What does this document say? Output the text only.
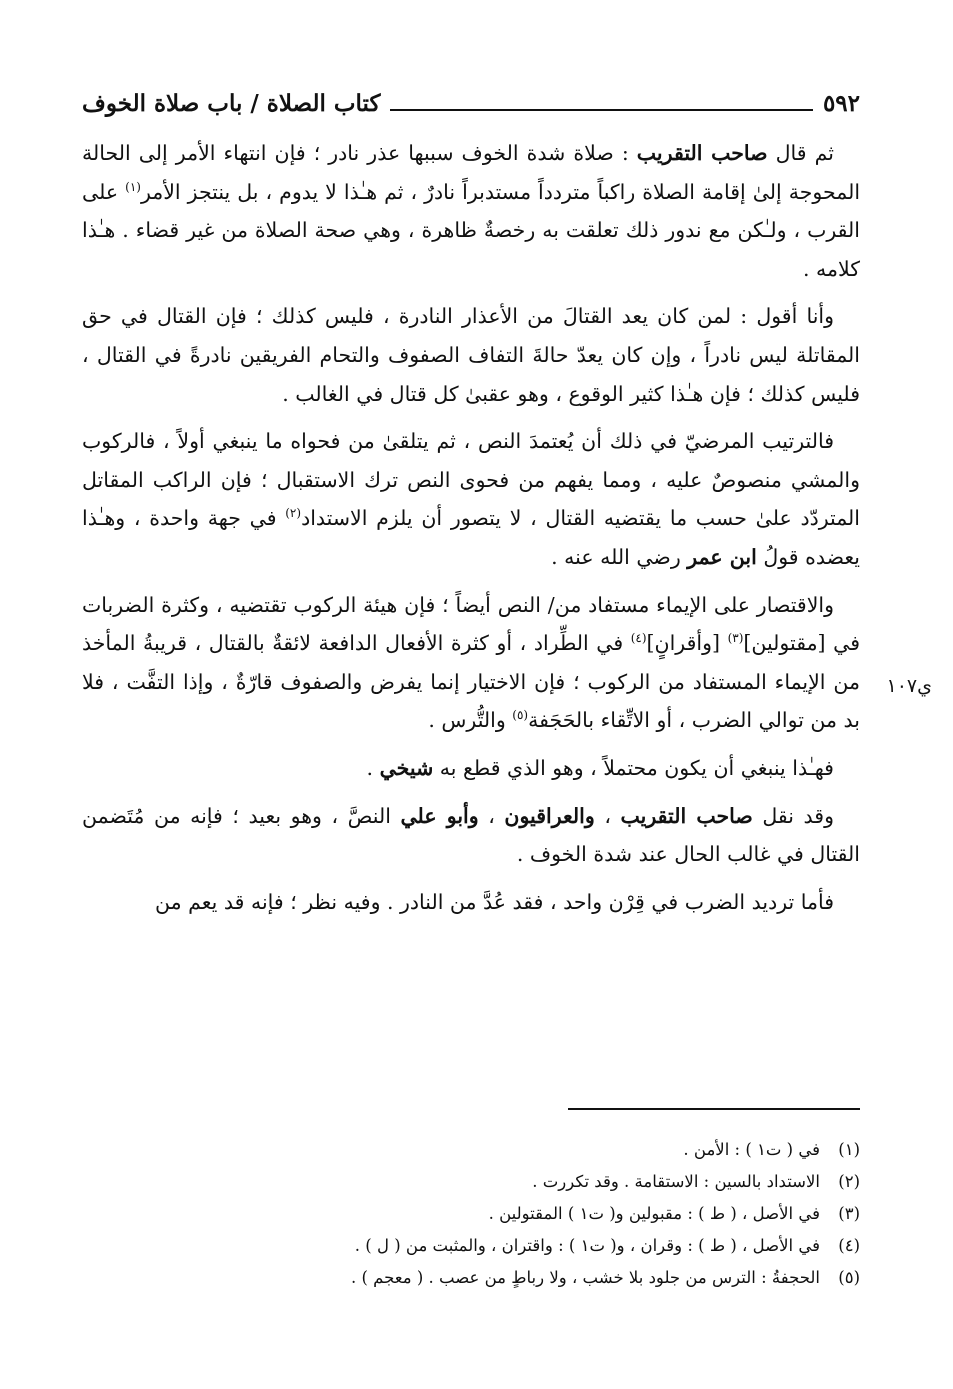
٥٩٢
كتاب الصلاة / باب صلاة الخوف
ي١٠٧

ثم قال صاحب التقريب : صلاة شدة الخوف سببها عذر نادر ؛ فإن انتهاء الأمر إلى الحالة المحوجة إلىٰ إقامة الصلاة راكباً متردداً مستدبراً نادرٌ ، ثم هـٰذا لا يدوم ، بل ينتجز الأمر$^{(١)}$ على القرب ، ولـٰكن مع ندور ذلك تعلقت به رخصةٌ ظاهرة ، وهي صحة الصلاة من غير قضاء . هـٰذا كلامه .

وأنا أقول : لمن كان يعد القتالَ من الأعذار النادرة ، فليس كذلك ؛ فإن القتال في حق المقاتلة ليس نادراً ، وإن كان يعدّ حالةَ التفاف الصفوف والتحام الفريقين نادرةً في القتال ، فليس كذلك ؛ فإن هـٰذا كثير الوقوع ، وهو عقبىٰ كل قتال في الغالب .

فالترتيب المرضيّ في ذلك أن يُعتمدَ النص ، ثم يتلقىٰ من فحواه ما ينبغي أولاً ، فالركوب والمشي منصوصٌ عليه ، ومما يفهم من فحوى النص ترك الاستقبال ؛ فإن الراكب المقاتل المتردّد علىٰ حسب ما يقتضيه القتال ، لا يتصور أن يلزم الاستداد$^{(٢)}$ في جهة واحدة ، وهـٰذا يعضده قولُ ابن عمر رضي الله عنه .

والاقتصار على الإيماء مستفاد من/ النص أيضاً ؛ فإن هيئة الركوب تقتضيه ، وكثرة الضربات في [مقتولين]$^{(٣)}$ [وأقرانٍ]$^{(٤)}$ في الطِّراد ، أو كثرة الأفعال الدافعة لائقةٌ بالقتال ، قريبةُ المأخذ من الإيماء المستفاد من الركوب ؛ فإن الاختيار إنما يفرض والصفوف قارّةٌ ، وإذا التفَّت ، فلا بد من توالي الضرب ، أو الاتِّقاء بالحَجَفة$^{(٥)}$ والتُّرس .

فهـٰذا ينبغي أن يكون محتملاً ، وهو الذي قطع به شيخي .

وقد نقل صاحب التقريب ، والعراقيون ، وأبو علي النصَّ ، وهو بعيد ؛ فإنه من مُتَضمن القتال في غالب الحال عند شدة الخوف .

فأما ترديد الضرب في قِرْن واحد ، فقد عُدَّ من النادر . وفيه نظر ؛ فإنه قد يعم من

(١)
في ( ت١ ) : الأمن .
(٢)
الاستداد بالسين : الاستقامة . وقد تكررت .
(٣)
في الأصل ، ( ط ) : مقبولين و( ت١ ) المقتولين .
(٤)
في الأصل ، ( ط ) : وقران ، و( ت١ ) : واقتران ، والمثبت من ( ل ) .
(٥)
الحجفةُ : الترس من جلود بلا خشب ، ولا رباطٍ من عصب . ( معجم ) .
